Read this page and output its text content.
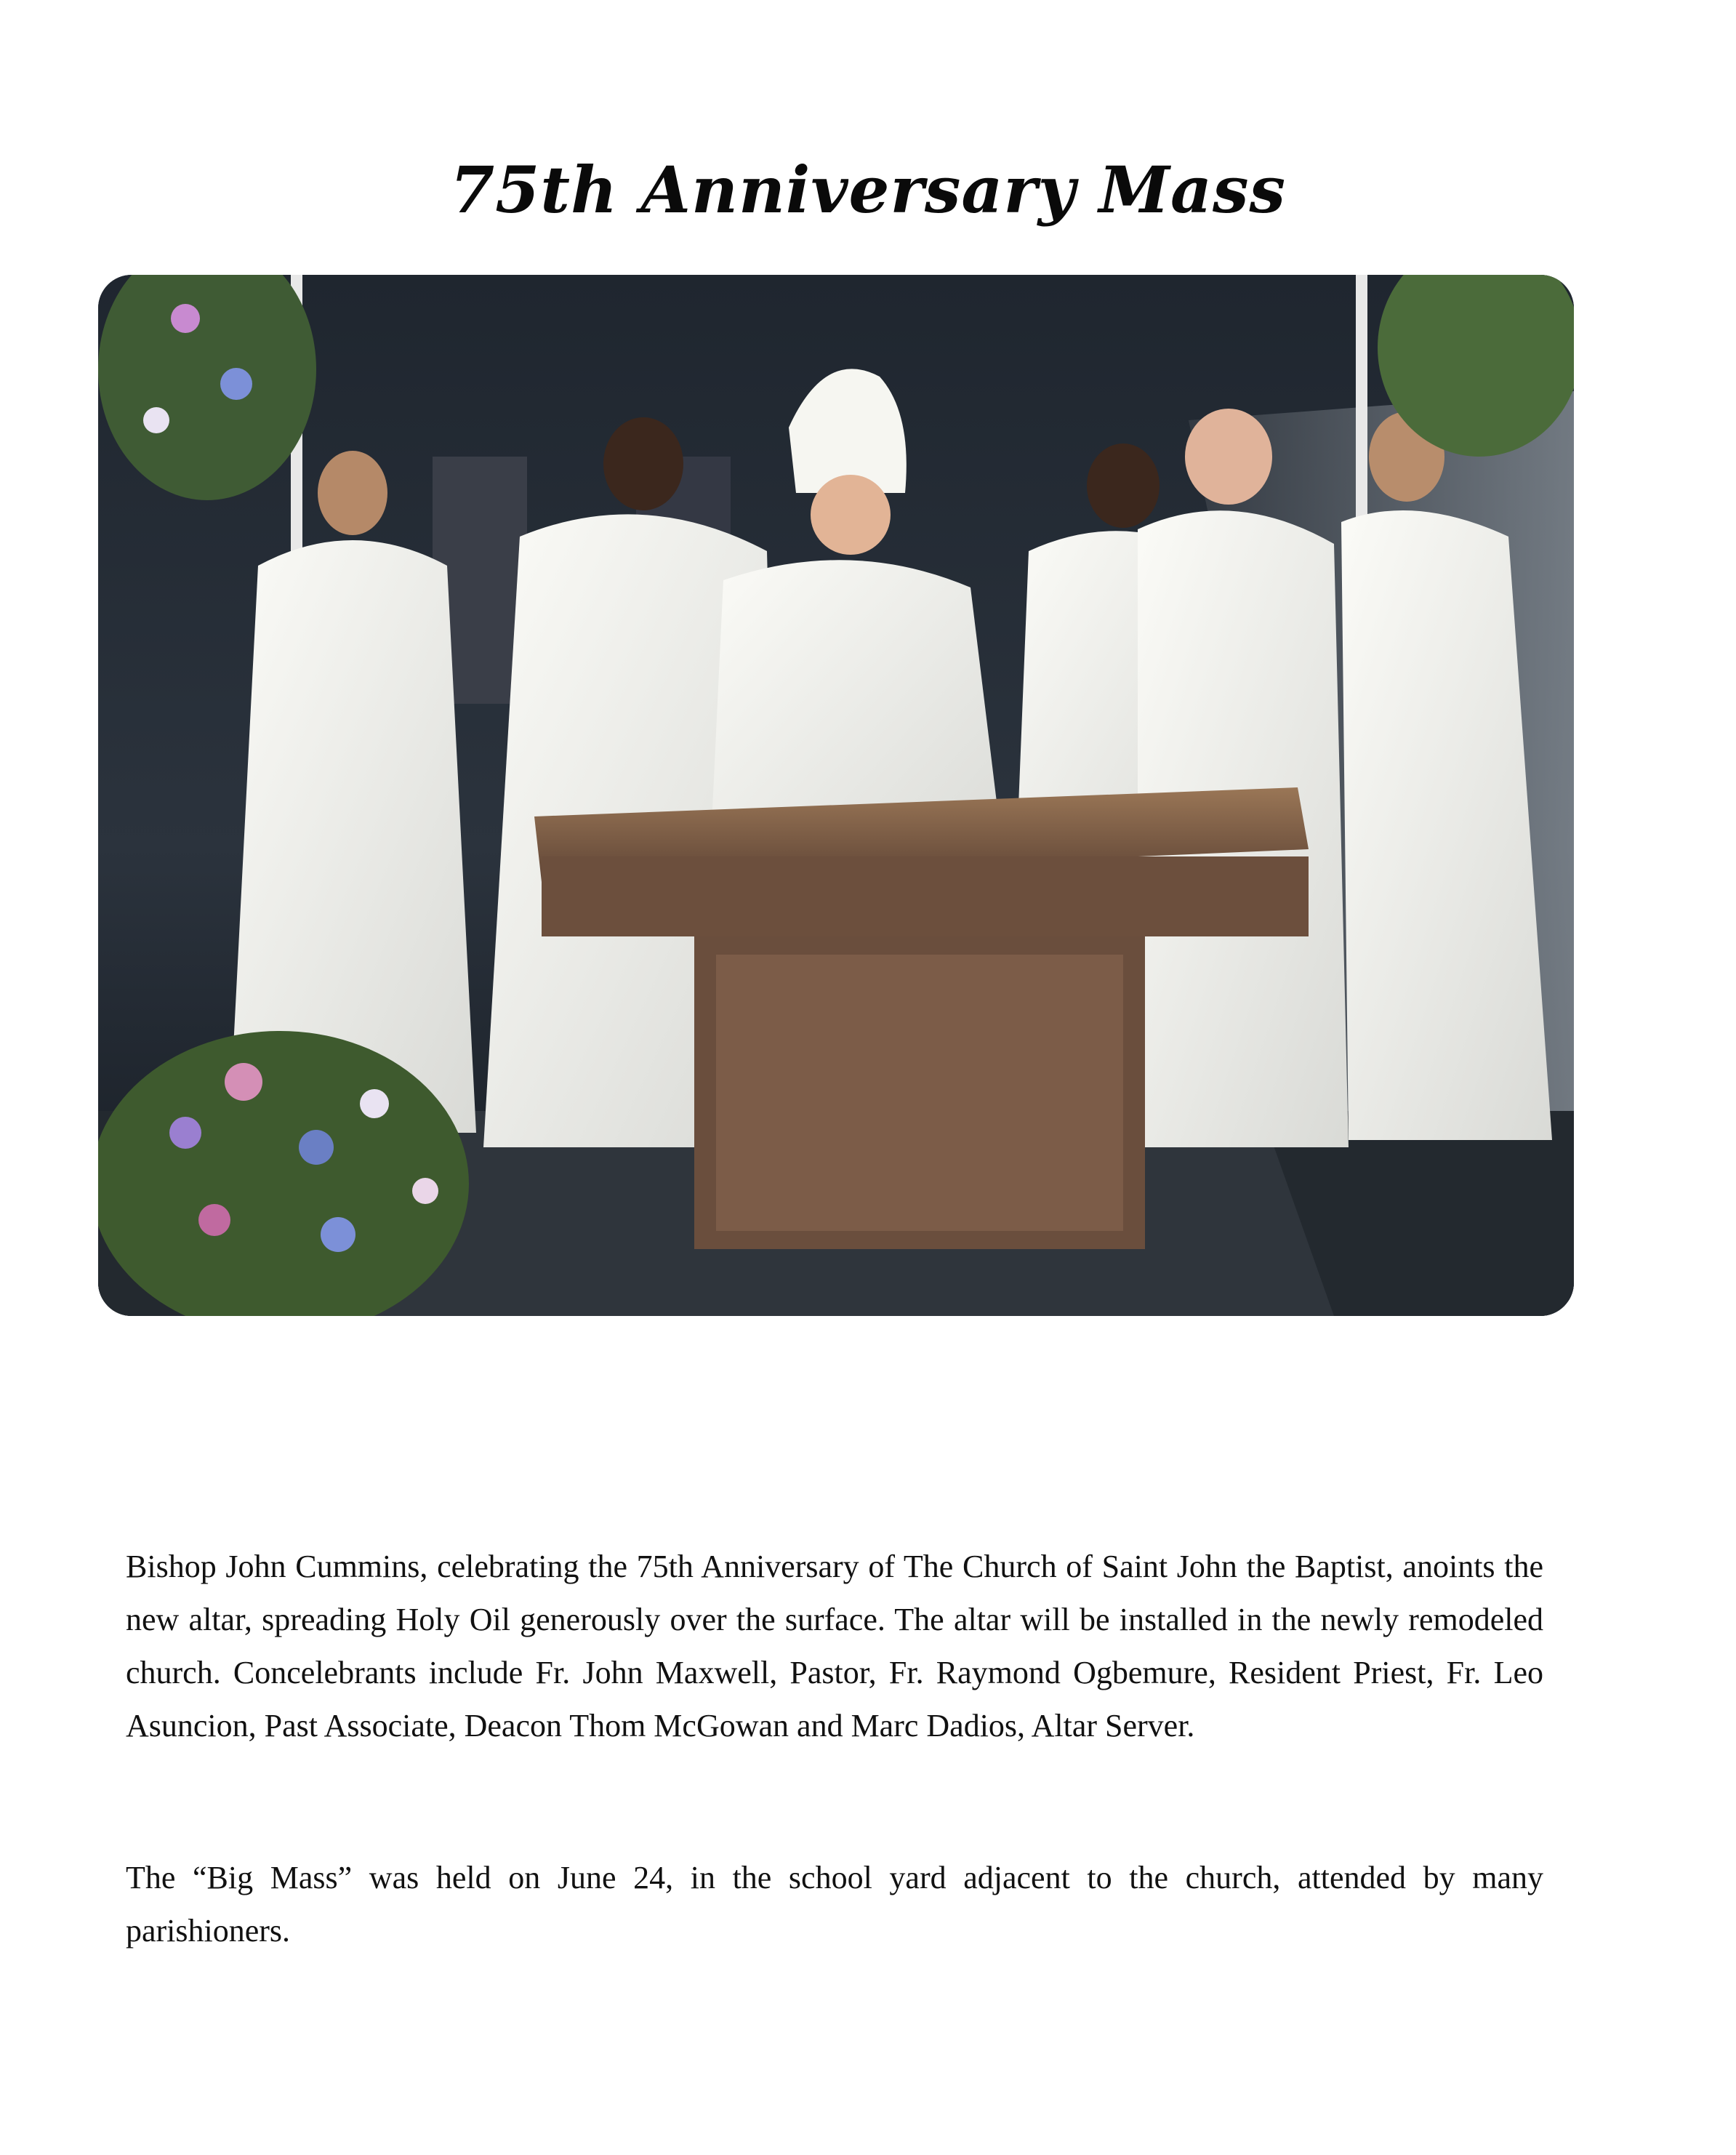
75th Anniversary Mass

Bishop John Cummins, celebrating the 75th Anniversary of The Church of Saint John the Baptist, anoints the new altar, spreading Holy Oil generously over the surface. The altar will be installed in the newly remodeled church. Concelebrants include Fr. John Maxwell, Pastor, Fr. Raymond Ogbemure, Resident Priest, Fr. Leo Asuncion, Past Associate, Deacon Thom McGowan and Marc Dadios, Altar Server.

The “Big Mass” was held on June 24, in the school yard adjacent to the church, attended by many parishioners.
